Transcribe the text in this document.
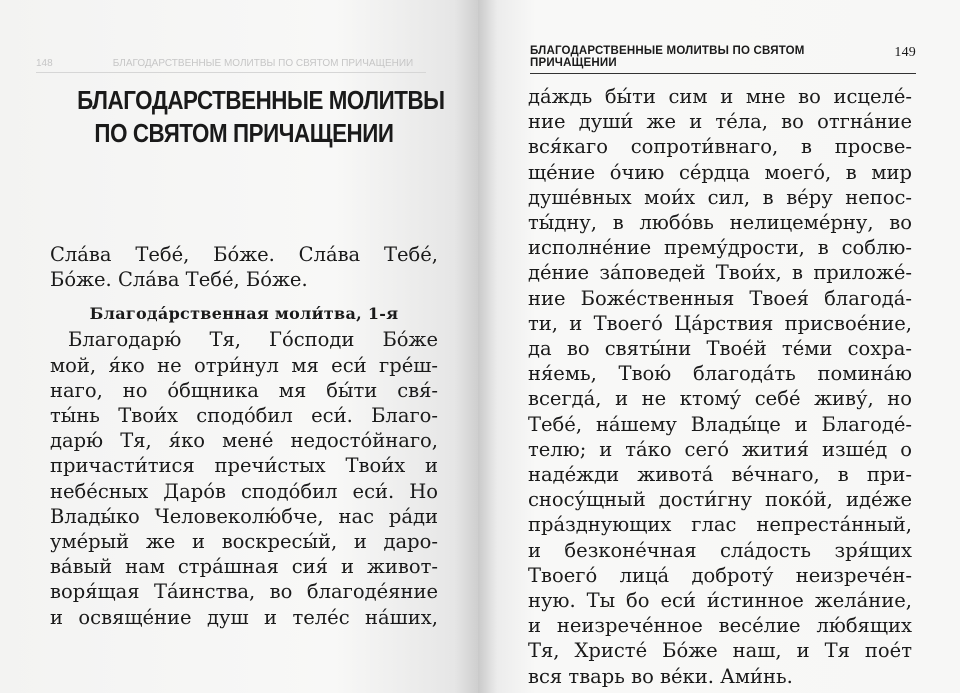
148	БЛАГОДАРСТВЕННЫЕ МОЛИТВЫ ПО СВЯТОМ ПРИЧАЩЕНИИ
БЛАГОДАРСТВЕННЫЕ МОЛИТВЫ
ПО СВЯТОМ ПРИЧАЩЕНИИ
Сла́ва Тебе́, Бо́же. Сла́ва Тебе́,
Бо́же. Сла́ва Тебе́, Бо́же.
Благода́рственная моли́тва, 1-я
Благодарю́ Тя, Го́споди Бо́же
мой, я́ко не отри́нул мя еси́ гре́ш-
наго, но о́бщника мя бы́ти свя́-
ты́нь Твои́х сподо́бил еси́. Благо-
дарю́ Тя, я́ко мене́ недосто́йнаго,
причасти́тися пречи́стых Твои́х и
небе́сных Даро́в сподо́бил еси́. Но
Влады́ко Человеколю́бче, нас ра́ди
уме́рый же и воскресы́й, и даро-
ва́вый нам стра́шная сия́ и живот-
воря́щая Та́инства, во благоде́яние
и освяще́ние душ и теле́с на́ших,
БЛАГОДАРСТВЕННЫЕ МОЛИТВЫ ПО СВЯТОМ ПРИЧАЩЕНИИ
149
да́ждь бы́ти сим и мне во исцеле́-
ние души́ же и те́ла, во отгна́ние
вся́каго сопроти́внаго, в просве-
ще́ние о́чию се́рдца моего́, в мир
душе́вных мои́х сил, в ве́ру непос-
ты́дну, в любо́вь нелицеме́рну, во
исполне́ние прему́дрости, в соблю-
де́ние за́поведей Твои́х, в приложе́-
ние Боже́ственныя Твоея́ благода́-
ти, и Твоего́ Ца́рствия присвое́ние,
да во святы́ни Твое́й те́ми сохра-
ня́емь, Твою́ благода́ть помина́ю
всегда́, и не ктому́ себе́ живу́, но
Тебе́, на́шему Влады́це и Благоде́-
телю; и та́ко сего́ жития́ изше́д о
наде́жди живота́ ве́чнаго, в при-
сносу́щный дости́гну поко́й, иде́же
пра́зднующих глас непреста́нный,
и безконе́чная сла́дость зря́щих
Твоего́ лица́ доброту́ неизрече́н-
ную. Ты бо еси́ и́стинное жела́ние,
и неизрече́нное весе́лие лю́бящих
Тя, Христе́ Бо́же наш, и Тя пое́т
вся тварь во ве́ки. Ами́нь.
